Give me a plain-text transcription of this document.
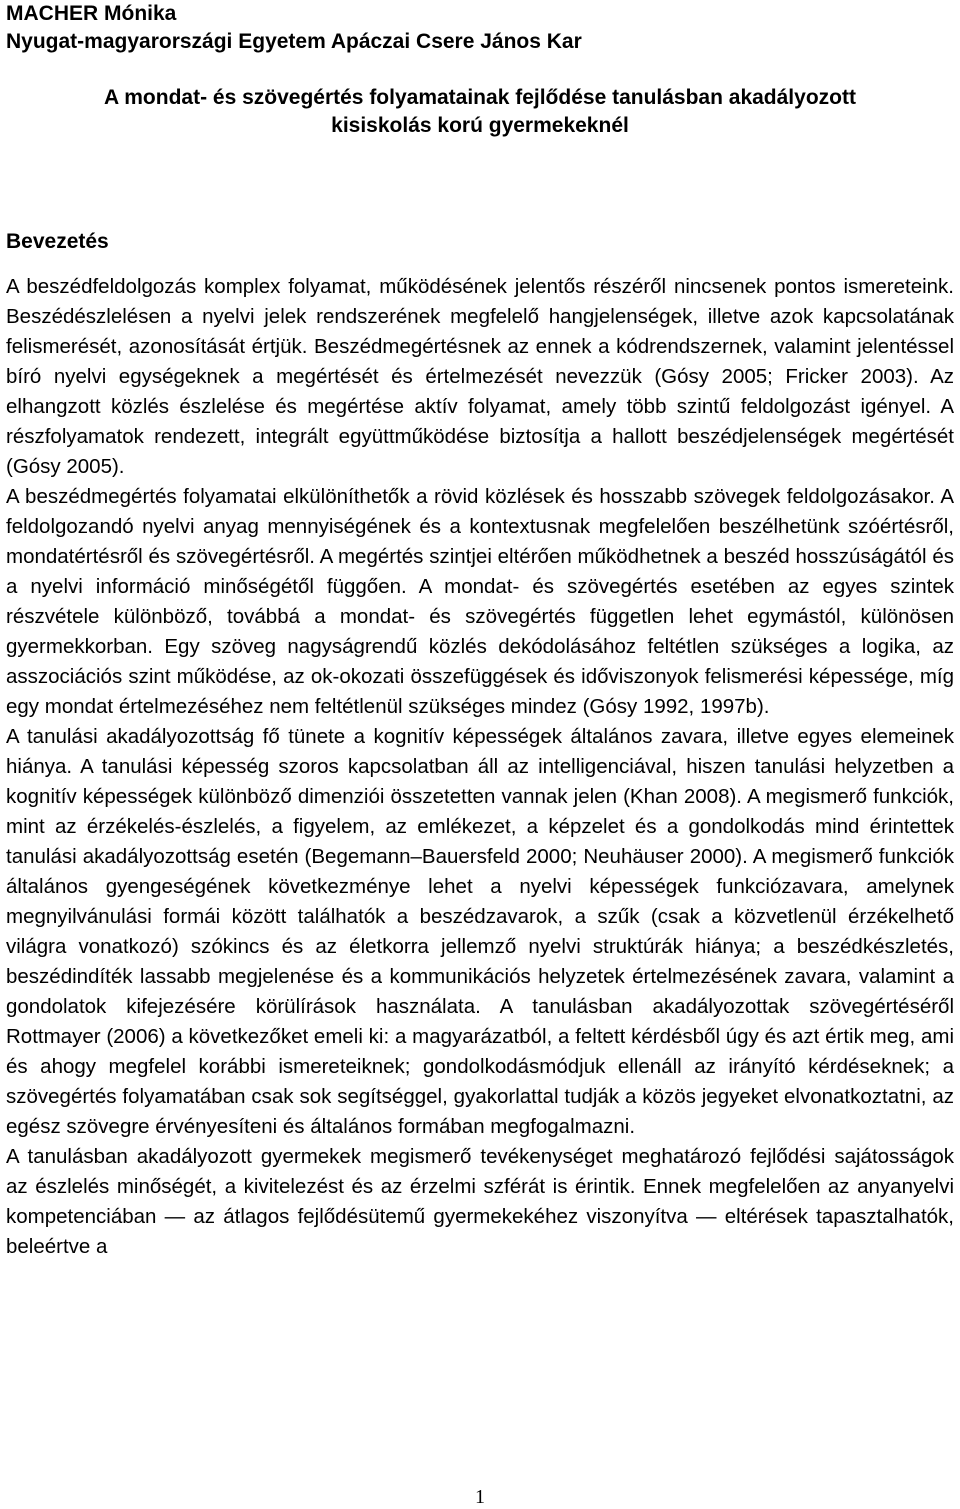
MACHER Mónika
Nyugat-magyarországi Egyetem Apáczai Csere János Kar
A mondat- és szövegértés folyamatainak fejlődése tanulásban akadályozott
kisiskolás korú gyermekeknél
Bevezetés

A beszédfeldolgozás komplex folyamat, működésének jelentős részéről nincsenek pontos ismereteink. Beszédészlelésen a nyelvi jelek rendszerének megfelelő hangjelenségek, illetve azok kapcsolatának felismerését, azonosítását értjük. Beszédmegértésnek az ennek a kódrendszernek, valamint jelentéssel bíró nyelvi egységeknek a megértését és értelmezését nevezzük (Gósy 2005; Fricker 2003). Az elhangzott közlés észlelése és megértése aktív folyamat, amely több szintű feldolgozást igényel. A részfolyamatok rendezett, integrált együttműködése biztosítja a hallott beszédjelenségek megértését (Gósy 2005).

A beszédmegértés folyamatai elkülöníthetők a rövid közlések és hosszabb szövegek feldolgozásakor. A feldolgozandó nyelvi anyag mennyiségének és a kontextusnak megfelelően beszélhetünk szóértésről, mondatértésről és szövegértésről. A megértés szintjei eltérően működhetnek a beszéd hosszúságától és a nyelvi információ minőségétől függően. A mondat- és szövegértés esetében az egyes szintek részvétele különböző, továbbá a mondat- és szövegértés független lehet egymástól, különösen gyermekkorban. Egy szöveg nagyságrendű közlés dekódolásához feltétlen szükséges a logika, az asszociációs szint működése, az ok-okozati összefüggések és időviszonyok felismerési képessége, míg egy mondat értelmezéséhez nem feltétlenül szükséges mindez (Gósy 1992, 1997b).

A tanulási akadályozottság fő tünete a kognitív képességek általános zavara, illetve egyes elemeinek hiánya. A tanulási képesség szoros kapcsolatban áll az intelligenciával, hiszen tanulási helyzetben a kognitív képességek különböző dimenziói összetetten vannak jelen (Khan 2008). A megismerő funkciók, mint az érzékelés-észlelés, a figyelem, az emlékezet, a képzelet és a gondolkodás mind érintettek tanulási akadályozottság esetén (Begemann–Bauersfeld 2000; Neuhäuser 2000). A megismerő funkciók általános gyengeségének következménye lehet a nyelvi képességek funkciózavara, amelynek megnyilvánulási formái között találhatók a beszédzavarok, a szűk (csak a közvetlenül érzékelhető világra vonatkozó) szókincs és az életkorra jellemző nyelvi struktúrák hiánya; a beszédkészletés, beszédindíték lassabb megjelenése és a kommunikációs helyzetek értelmezésének zavara, valamint a gondolatok kifejezésére körülírások használata. A tanulásban akadályozottak szövegértéséről Rottmayer (2006) a következőket emeli ki: a magyarázatból, a feltett kérdésből úgy és azt értik meg, ami és ahogy megfelel korábbi ismereteiknek; gondolkodásmódjuk ellenáll az irányító kérdéseknek; a szövegértés folyamatában csak sok segítséggel, gyakorlattal tudják a közös jegyeket elvonatkoztatni, az egész szövegre érvényesíteni és általános formában megfogalmazni.

A tanulásban akadályozott gyermekek megismerő tevékenységet meghatározó fejlődési sajátosságok az észlelés minőségét, a kivitelezést és az érzelmi szférát is érintik. Ennek megfelelően az anyanyelvi kompetenciában — az átlagos fejlődésütemű gyermekekéhez viszonyítva — eltérések tapasztalhatók, beleértve a

1
